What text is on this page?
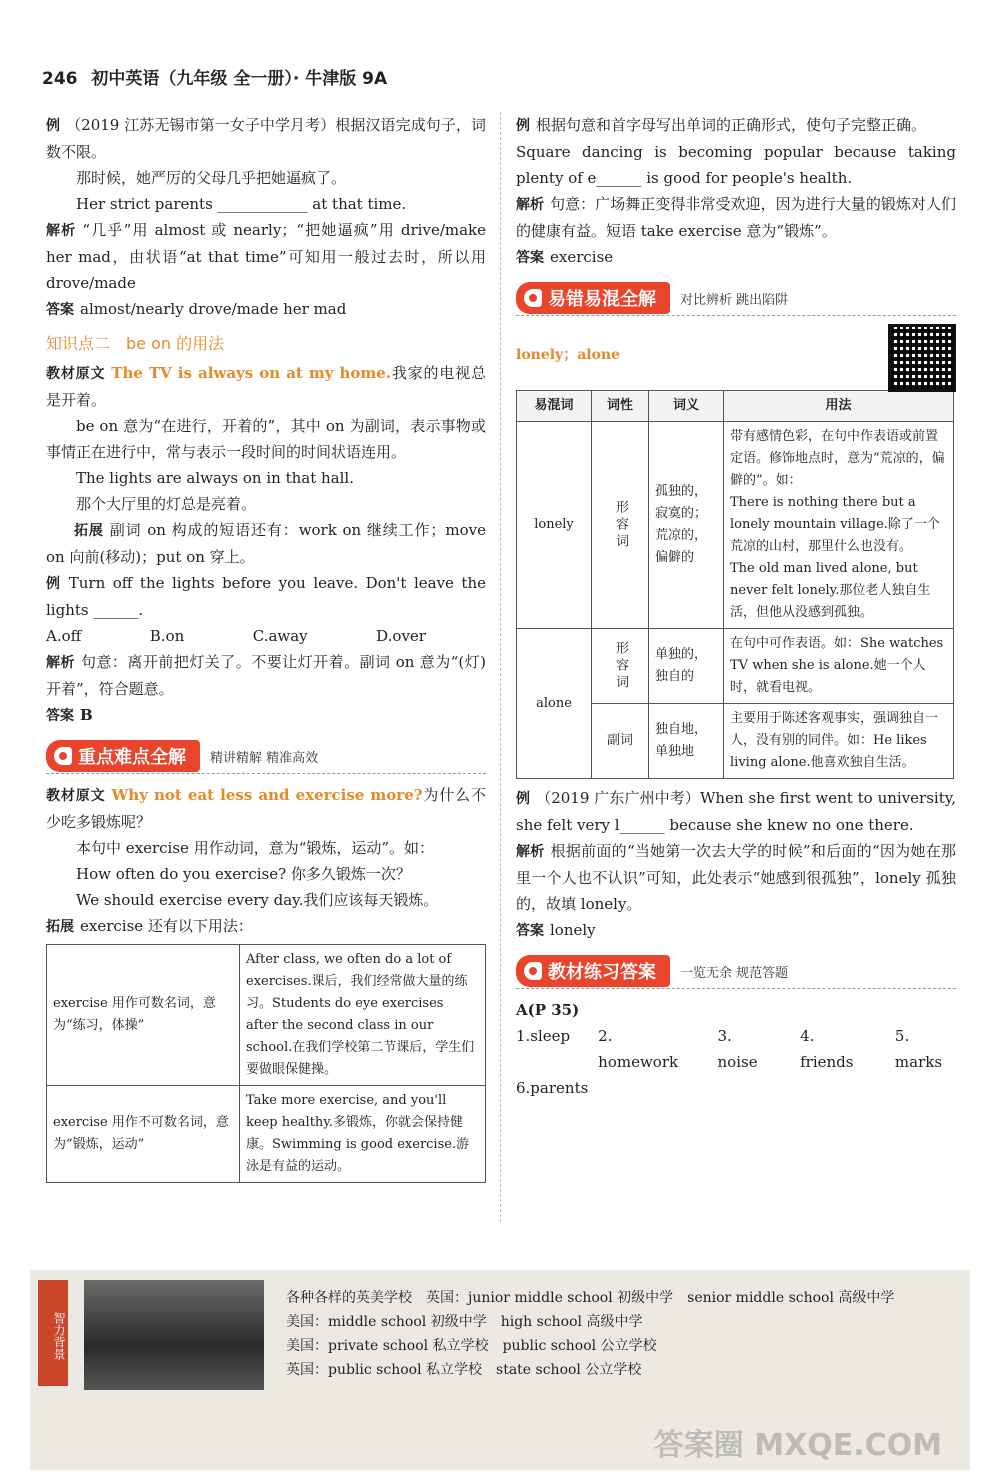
246 初中英语（九年级 全一册）· 牛津版 9A

例 （2019 江苏无锡市第一女子中学月考）根据汉语完成句子，词数不限。

那时候，她严厉的父母几乎把她逼疯了。

Her strict parents ____________ at that time.

解析 “几乎”用 almost 或 nearly；“把她逼疯”用 drive/make her mad，由状语“at that time”可知用一般过去时，所以用 drove/made

答案 almost/nearly drove/made her mad

知识点二　be on 的用法

教材原文 The TV is always on at my home.我家的电视总是开着。

be on 意为“在进行，开着的”，其中 on 为副词，表示事物或事情正在进行中，常与表示一段时间的时间状语连用。

The lights are always on in that hall.

那个大厅里的灯总是亮着。

拓展 副词 on 构成的短语还有：work on 继续工作；move on 向前(移动)；put on 穿上。

例 Turn off the lights before you leave. Don't leave the lights ______.

A.off	B.on	C.away	D.over

解析 句意：离开前把灯关了。不要让灯开着。副词 on 意为“(灯)开着”，符合题意。

答案 B

重点难点全解 精讲精解 精准高效

教材原文 Why not eat less and exercise more?为什么不少吃多锻炼呢？

本句中 exercise 用作动词，意为“锻炼，运动”。如：

How often do you exercise? 你多久锻炼一次？

We should exercise every day.我们应该每天锻炼。

拓展 exercise 还有以下用法：

exercise 用作可数名词，意为“练习，体操”	After class, we often do a lot of exercises.课后，我们经常做大量的练习。Students do eye exercises after the second class in our school.在我们学校第二节课后，学生们要做眼保健操。
exercise 用作不可数名词，意为“锻炼，运动”	Take more exercise, and you'll keep healthy.多锻炼，你就会保持健康。Swimming is good exercise.游泳是有益的运动。

例 根据句意和首字母写出单词的正确形式，使句子完整正确。

Square dancing is becoming popular because taking plenty of e______ is good for people's health.

解析 句意：广场舞正变得非常受欢迎，因为进行大量的锻炼对人们的健康有益。短语 take exercise 意为“锻炼”。

答案 exercise

易错易混全解 对比辨析 跳出陷阱
lonely；alone
易混词	词性	词义	用法
lonely	形容词	孤独的，寂寞的；荒凉的，偏僻的	带有感情色彩，在句中作表语或前置定语。修饰地点时，意为“荒凉的，偏僻的”。如：
There is nothing there but a lonely mountain village.除了一个荒凉的山村，那里什么也没有。
The old man lived alone, but never felt lonely.那位老人独自生活，但他从没感到孤独。

alone	形容词	单独的，独自的	在句中可作表语。如：She watches TV when she is alone.她一个人时，就看电视。
	副词	独自地，单独地	主要用于陈述客观事实，强调独自一人，没有别的同伴。如：He likes living alone.他喜欢独自生活。

例 （2019 广东广州中考）When she first went to university, she felt very l______ because she knew no one there.

解析 根据前面的“当她第一次去大学的时候”和后面的“因为她在那里一个人也不认识”可知，此处表示“她感到很孤独”，lonely 孤独的，故填 lonely。

答案 lonely

教材练习答案 一览无余 规范答题

A(P 35)

1.sleep 2. homework
3. noise
4. friends
5. marks
6.parents
智力背景
各种各样的英美学校　英国：junior middle school 初级中学　senior middle school 高级中学
美国：middle school 初级中学　high school 高级中学
美国：private school 私立学校　public school 公立学校
英国：public school 私立学校　state school 公立学校
答案圈 MXQE.COM
